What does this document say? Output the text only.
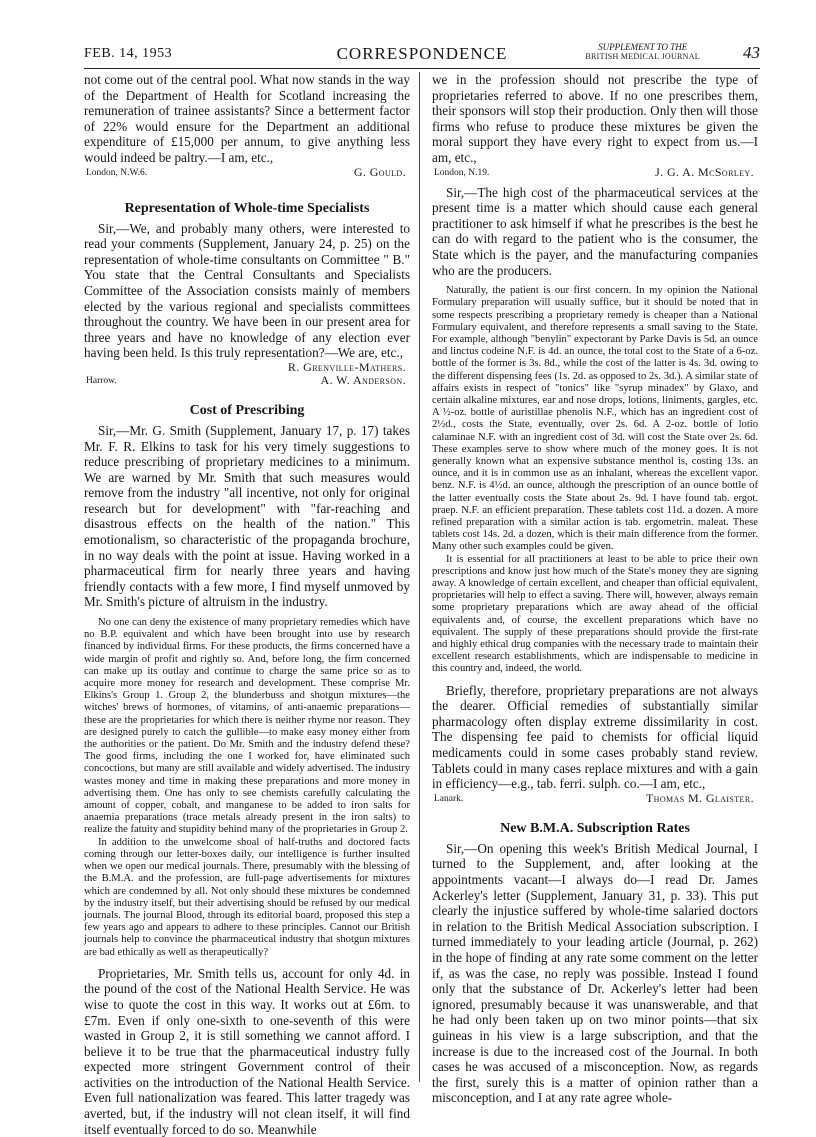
FEB. 14, 1953	CORRESPONDENCE	SUPPLEMENT TO THE
BRITISH MEDICAL JOURNAL	43

not come out of the central pool. What now stands in the way of the Department of Health for Scotland increasing the remuneration of trainee assistants? Since a betterment factor of 22% would ensure for the Department an additional expenditure of £15,000 per annum, to give anything less would indeed be paltry.—I am, etc.,

London, N.W.6.	G. Gould.
Representation of Whole-time Specialists

Sir,—We, and probably many others, were interested to read your comments (Supplement, January 24, p. 25) on the representation of whole-time consultants on Committee " B." You state that the Central Consultants and Specialists Committee of the Association consists mainly of members elected by the various regional and specialists committees throughout the country. We have been in our present area for three years and have no knowledge of any election ever having been held. Is this truly representation?—We are, etc.,

R. Grenville-Mathers.
Harrow.	A. W. Anderson.
Cost of Prescribing

Sir,—Mr. G. Smith (Supplement, January 17, p. 17) takes Mr. F. R. Elkins to task for his very timely suggestions to reduce prescribing of proprietary medicines to a minimum. We are warned by Mr. Smith that such measures would remove from the industry "all incentive, not only for original research but for development" with "far-reaching and disastrous effects on the health of the nation." This emotionalism, so characteristic of the propaganda brochure, in no way deals with the point at issue. Having worked in a pharmaceutical firm for nearly three years and having friendly contacts with a few more, I find myself unmoved by Mr. Smith's picture of altruism in the industry.

No one can deny the existence of many proprietary remedies which have no B.P. equivalent and which have been brought into use by research financed by individual firms. For these products, the firms concerned have a wide margin of profit and rightly so. And, before long, the firm concerned can make up its outlay and continue to charge the same price so as to acquire more money for research and development. These comprise Mr. Elkins's Group 1. Group 2, the blunderbuss and shotgun mixtures—the witches' brews of hormones, of vitamins, of anti-anaemic preparations—these are the proprietaries for which there is neither rhyme nor reason. They are designed purely to catch the gullible—to make easy money either from the authorities or the patient. Do Mr. Smith and the industry defend these? The good firms, including the one I worked for, have eliminated such concoctions, but many are still available and widely advertised. The industry wastes money and time in making these preparations and more money in advertising them. One has only to see chemists carefully calculating the amount of copper, cobalt, and manganese to be added to iron salts for anaemia preparations (trace metals already present in the iron salts) to realize the fatuity and stupidity behind many of the proprietaries in Group 2.

In addition to the unwelcome shoal of half-truths and doctored facts coming through our letter-boxes daily, our intelligence is further insulted when we open our medical journals. There, presumably with the blessing of the B.M.A. and the profession, are full-page advertisements for mixtures which are condemned by all. Not only should these mixtures be condemned by the industry itself, but their advertising should be refused by our medical journals. The journal Blood, through its editorial board, proposed this step a few years ago and appears to adhere to these principles. Cannot our British journals help to convince the pharmaceutical industry that shotgun mixtures are bad ethically as well as therapeutically?

Proprietaries, Mr. Smith tells us, account for only 4d. in the pound of the cost of the National Health Service. He was wise to quote the cost in this way. It works out at £6m. to £7m. Even if only one-sixth to one-seventh of this were wasted in Group 2, it is still something we cannot afford. I believe it to be true that the pharmaceutical industry fully expected more stringent Government control of their activities on the introduction of the National Health Service. Even full nationalization was feared. This latter tragedy was averted, but, if the industry will not clean itself, it will find itself eventually forced to do so. Meanwhile

we in the profession should not prescribe the type of proprietaries referred to above. If no one prescribes them, their sponsors will stop their production. Only then will those firms who refuse to produce these mixtures be given the moral support they have every right to expect from us.—I am, etc.,

London, N.19.	J. G. A. McSorley.

Sir,—The high cost of the pharmaceutical services at the present time is a matter which should cause each general practitioner to ask himself if what he prescribes is the best he can do with regard to the patient who is the consumer, the State which is the payer, and the manufacturing companies who are the producers.

Naturally, the patient is our first concern. In my opinion the National Formulary preparation will usually suffice, but it should be noted that in some respects prescribing a proprietary remedy is cheaper than a National Formulary equivalent, and therefore represents a small saving to the State. For example, although "benylin" expectorant by Parke Davis is 5d. an ounce and linctus codeine N.F. is 4d. an ounce, the total cost to the State of a 6-oz. bottle of the former is 3s. 8d., while the cost of the latter is 4s. 3d. owing to the different dispensing fees (1s. 2d. as opposed to 2s. 3d.). A similar state of affairs exists in respect of "tonics" like "syrup minadex" by Glaxo, and certain alkaline mixtures, ear and nose drops, lotions, liniments, gargles, etc. A ½-oz. bottle of auristillae phenolis N.F., which has an ingredient cost of 2½d., costs the State, eventually, over 2s. 6d. A 2-oz. bottle of lotio calaminae N.F. with an ingredient cost of 3d. will cost the State over 2s. 6d. These examples serve to show where much of the money goes. It is not generally known what an expensive substance menthol is, costing 13s. an ounce, and it is in common use as an inhalant, whereas the excellent vapor. benz. N.F. is 4½d. an ounce, although the prescription of an ounce bottle of the latter eventually costs the State about 2s. 9d. I have found tab. ergot. praep. N.F. an efficient preparation. These tablets cost 11d. a dozen. A more refined preparation with a similar action is tab. ergometrin. maleat. These tablets cost 14s. 2d. a dozen, which is their main difference from the former. Many other such examples could be given.

It is essential for all practitioners at least to be able to price their own prescriptions and know just how much of the State's money they are signing away. A knowledge of certain excellent, and cheaper than official equivalent, proprietaries will help to effect a saving. There will, however, always remain some proprietary preparations which are away ahead of the official equivalents and, of course, the excellent preparations which have no equivalent. The supply of these preparations should provide the first-rate and highly ethical drug companies with the necessary trade to maintain their excellent research establishments, which are indispensable to medicine in this country and, indeed, the world.

Briefly, therefore, proprietary preparations are not always the dearer. Official remedies of substantially similar pharmacology often display extreme dissimilarity in cost. The dispensing fee paid to chemists for official liquid medicaments could in some cases probably stand review. Tablets could in many cases replace mixtures and with a gain in efficiency—e.g., tab. ferri. sulph. co.—I am, etc.,

Lanark.	Thomas M. Glaister.
New B.M.A. Subscription Rates

Sir,—On opening this week's British Medical Journal, I turned to the Supplement, and, after looking at the appointments vacant—I always do—I read Dr. James Ackerley's letter (Supplement, January 31, p. 33). This put clearly the injustice suffered by whole-time salaried doctors in relation to the British Medical Association subscription. I turned immediately to your leading article (Journal, p. 262) in the hope of finding at any rate some comment on the letter if, as was the case, no reply was possible. Instead I found only that the substance of Dr. Ackerley's letter had been ignored, presumably because it was unanswerable, and that he had only been taken up on two minor points—that six guineas in his view is a large subscription, and that the increase is due to the increased cost of the Journal. In both cases he was accused of a misconception. Now, as regards the first, surely this is a matter of opinion rather than a misconception, and I at any rate agree whole-
